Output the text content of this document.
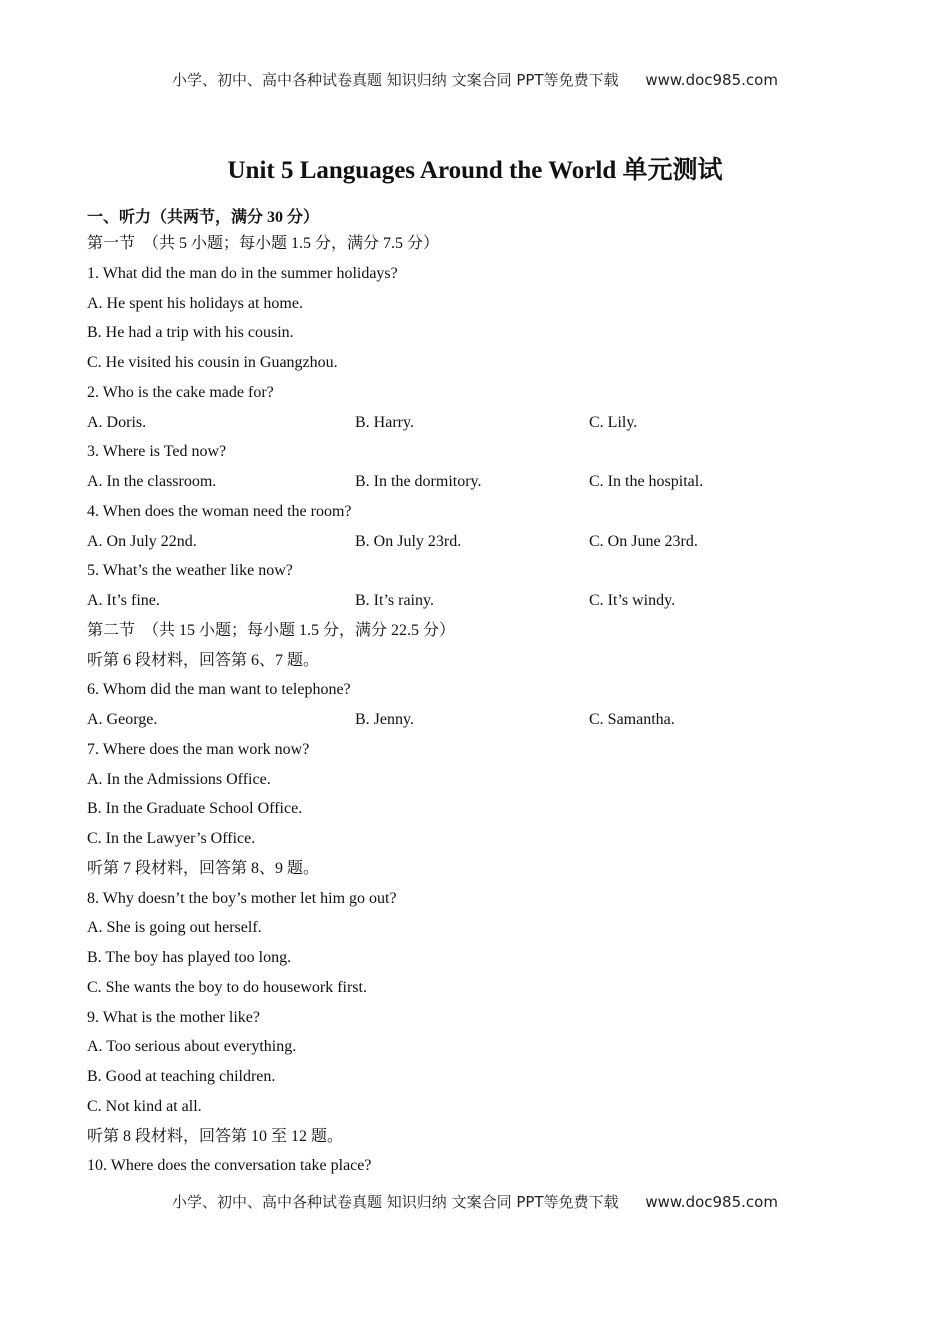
小学、初中、高中各种试卷真题 知识归纳 文案合同 PPT等免费下载 www.doc985.com
Unit 5 Languages Around the World 单元测试
一、听力（共两节，满分 30 分）
第一节　（共 5 小题；每小题 1.5 分，满分 7.5 分）
1. What did the man do in the summer holidays?
A. He spent his holidays at home.
B. He had a trip with his cousin.
C. He visited his cousin in Guangzhou.
2. Who is the cake made for?
A. Doris.	B. Harry.	C. Lily.
3. Where is Ted now?
A. In the classroom.	B. In the dormitory.	C. In the hospital.
4. When does the woman need the room?
A. On July 22nd.	B. On July 23rd.	C. On June 23rd.
5. What’s the weather like now?
A. It’s fine.	B. It’s rainy.	C. It’s windy.
第二节　（共 15 小题；每小题 1.5 分，满分 22.5 分）
听第 6 段材料，回答第 6、7 题。
6. Whom did the man want to telephone?
A. George.	B. Jenny.	C. Samantha.
7. Where does the man work now?
A. In the Admissions Office.
B. In the Graduate School Office.
C. In the Lawyer’s Office.
听第 7 段材料，回答第 8、9 题。
8. Why doesn’t the boy’s mother let him go out?
A. She is going out herself.
B. The boy has played too long.
C. She wants the boy to do housework first.
9. What is the mother like?
A. Too serious about everything.
B. Good at teaching children.
C. Not kind at all.
听第 8 段材料，回答第 10 至 12 题。
10. Where does the conversation take place?
小学、初中、高中各种试卷真题 知识归纳 文案合同 PPT等免费下载 www.doc985.com
